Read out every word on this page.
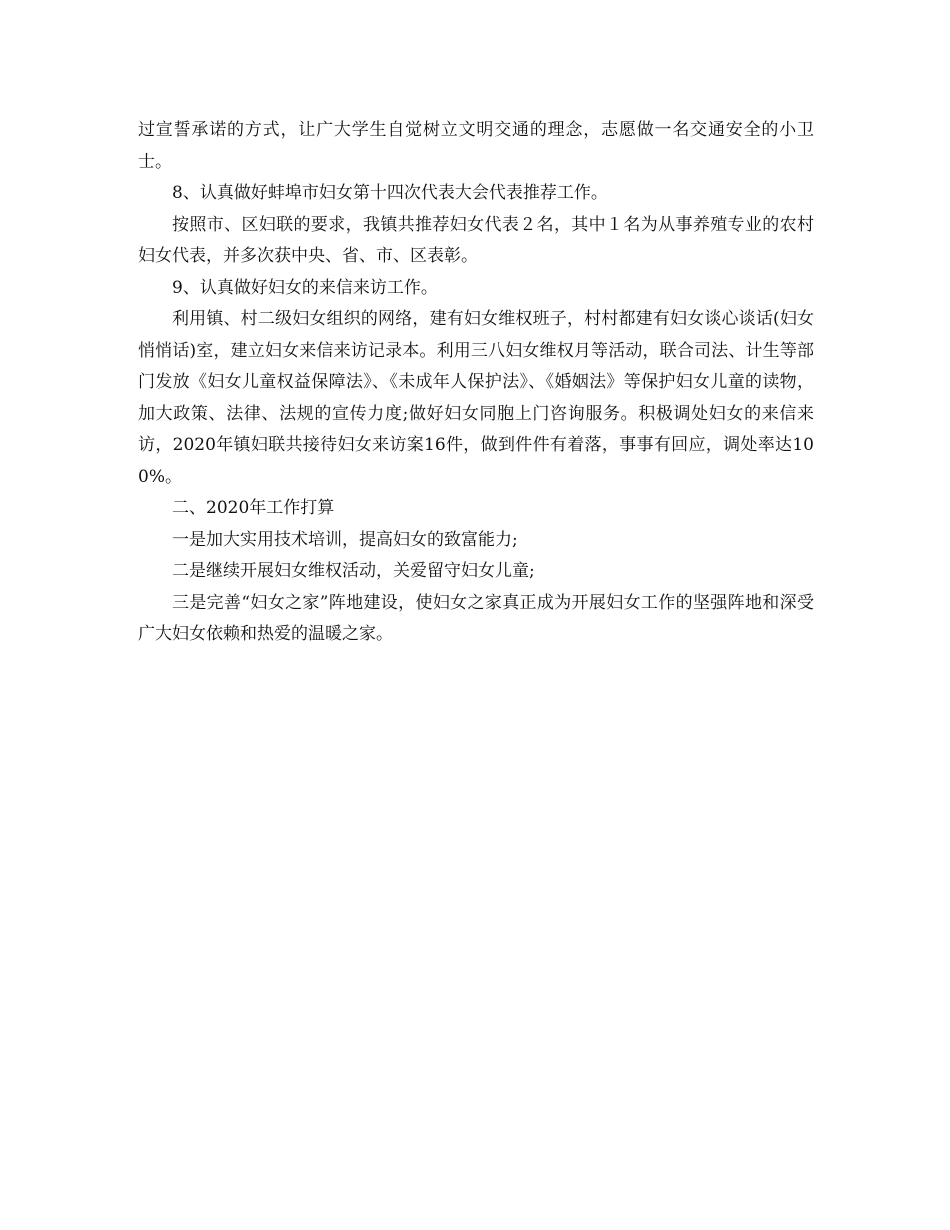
过宣誓承诺的方式，让广大学生自觉树立文明交通的理念，志愿做一名交通安全的小卫士。

8、认真做好蚌埠市妇女第十四次代表大会代表推荐工作。

按照市、区妇联的要求，我镇共推荐妇女代表２名，其中１名为从事养殖专业的农村妇女代表，并多次获中央、省、市、区表彰。

9、认真做好妇女的来信来访工作。

利用镇、村二级妇女组织的网络，建有妇女维权班子，村村都建有妇女谈心谈话(妇女悄悄话)室，建立妇女来信来访记录本。利用三八妇女维权月等活动，联合司法、计生等部门发放《妇女儿童权益保障法》、《未成年人保护法》、《婚姻法》等保护妇女儿童的读物，加大政策、法律、法规的宣传力度;做好妇女同胞上门咨询服务。积极调处妇女的来信来访，2020年镇妇联共接待妇女来访案16件，做到件件有着落，事事有回应，调处率达100%。

二、2020年工作打算

一是加大实用技术培训，提高妇女的致富能力;

二是继续开展妇女维权活动，关爱留守妇女儿童;

三是完善“妇女之家”阵地建设，使妇女之家真正成为开展妇女工作的坚强阵地和深受广大妇女依赖和热爱的温暖之家。
